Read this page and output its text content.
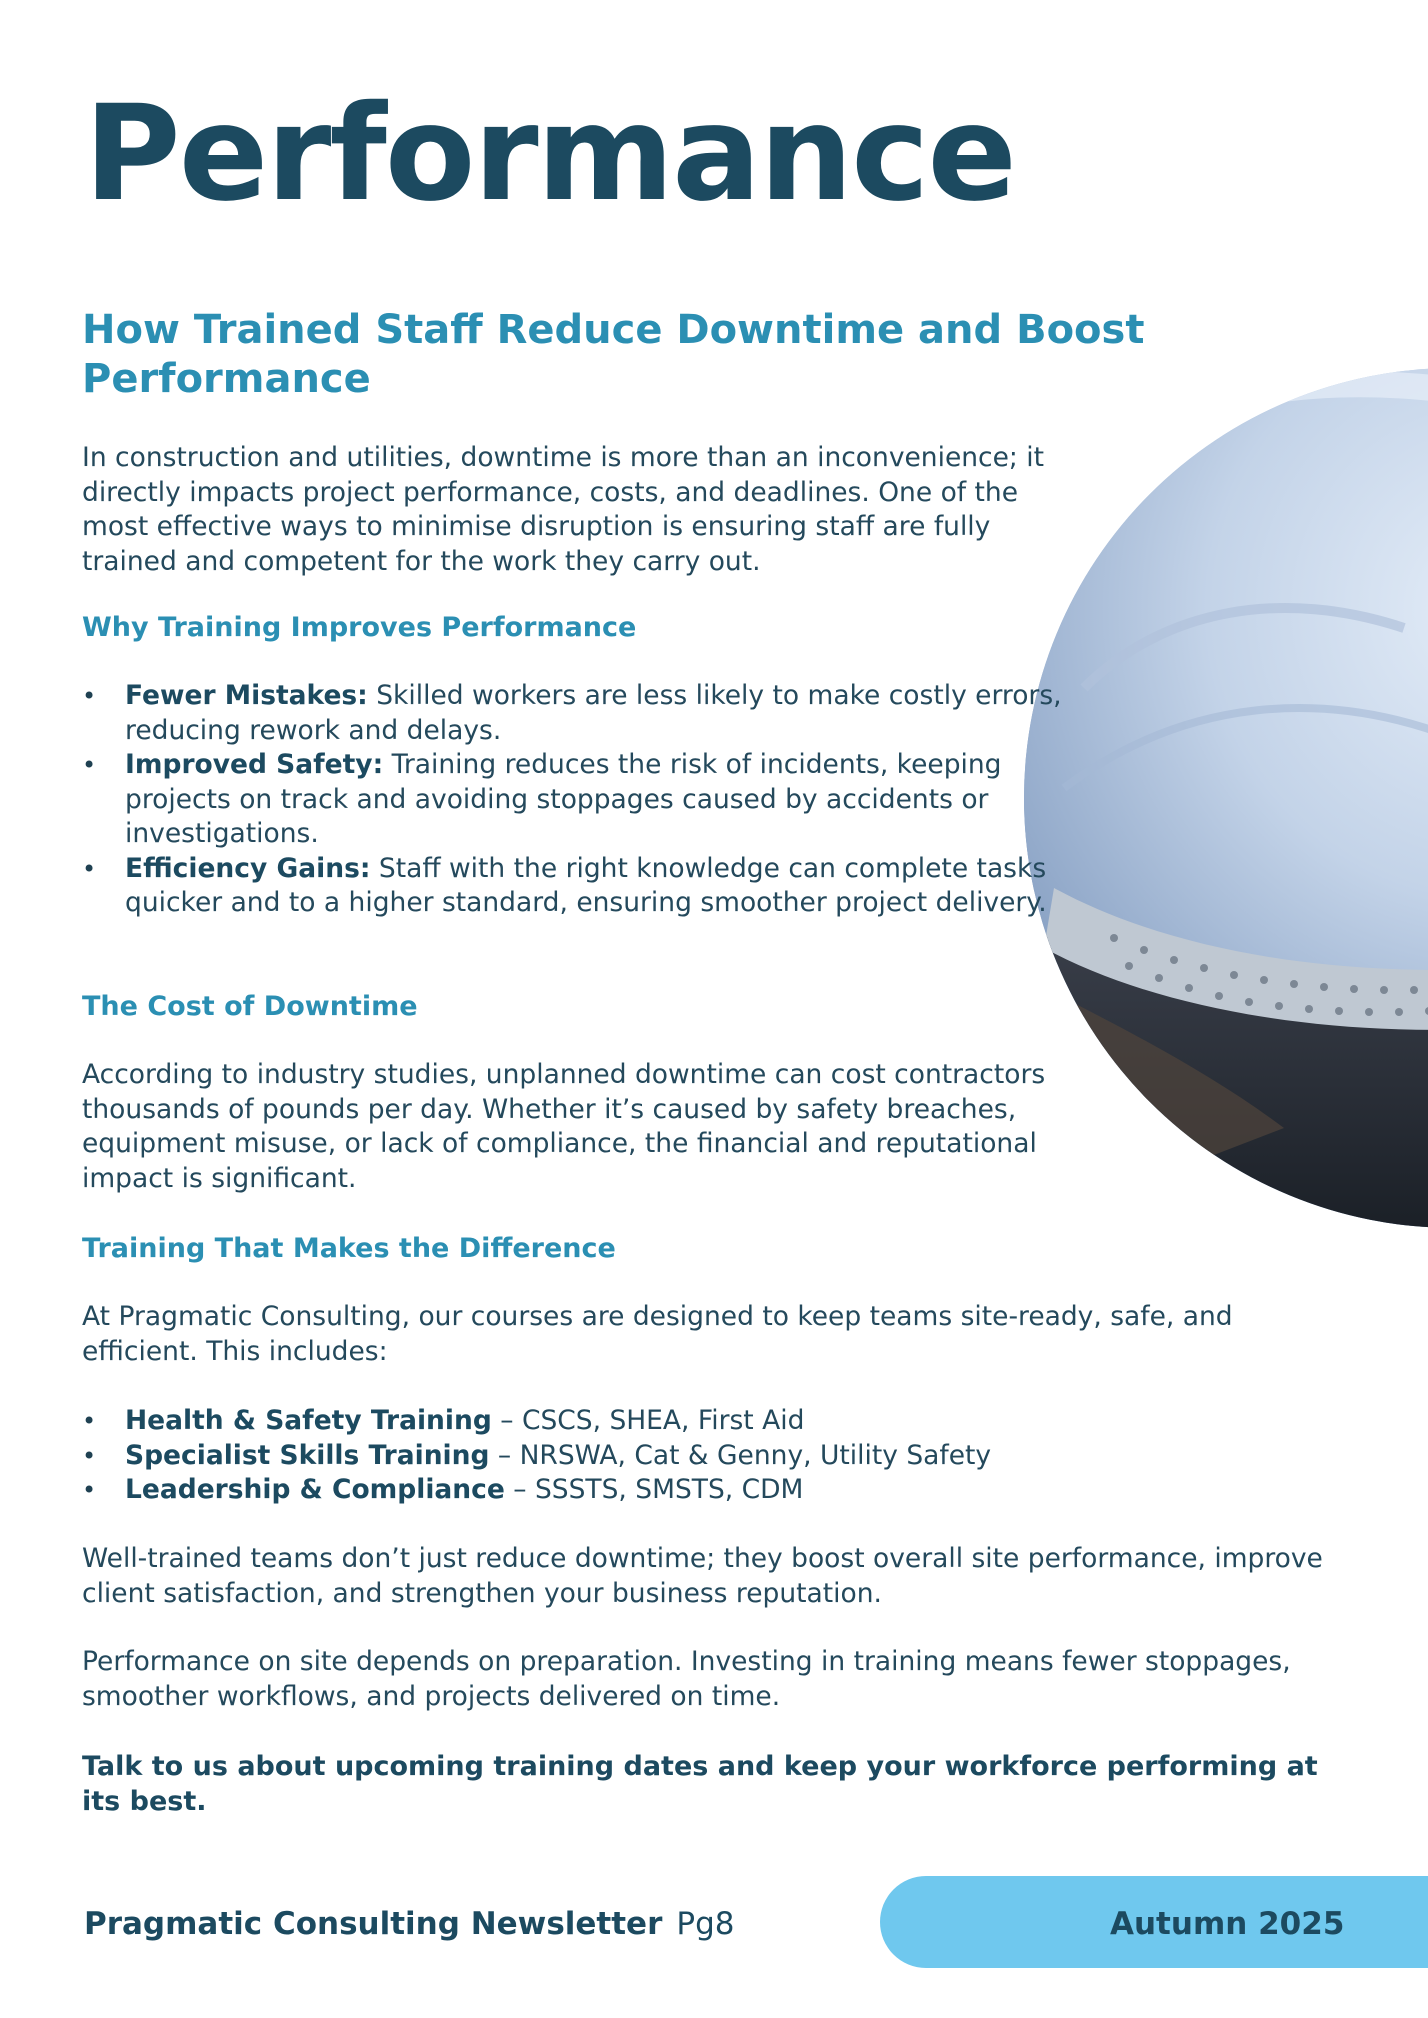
Performance
How Trained Staff Reduce Downtime and Boost Performance

In construction and utilities, downtime is more than an inconvenience; it directly impacts project performance, costs, and deadlines. One of the most effective ways to minimise disruption is ensuring staff are fully trained and competent for the work they carry out.

Why Training Improves Performance
• Fewer Mistakes: Skilled workers are less likely to make costly errors, reducing rework and delays.
• Improved Safety: Training reduces the risk of incidents, keeping projects on track and avoiding stoppages caused by accidents or investigations.
• Efficiency Gains: Staff with the right knowledge can complete tasks quicker and to a higher standard, ensuring smoother project delivery.
The Cost of Downtime

According to industry studies, unplanned downtime can cost contractors thousands of pounds per day. Whether it’s caused by safety breaches, equipment misuse, or lack of compliance, the financial and reputational impact is significant.

Training That Makes the Difference

At Pragmatic Consulting, our courses are designed to keep teams site-ready, safe, and efficient. This includes:

• Health & Safety Training – CSCS, SHEA, First Aid
• Specialist Skills Training – NRSWA, Cat & Genny, Utility Safety
• Leadership & Compliance – SSSTS, SMSTS, CDM

Well-trained teams don’t just reduce downtime; they boost overall site performance, improve client satisfaction, and strengthen your business reputation.

Performance on site depends on preparation. Investing in training means fewer stoppages, smoother workflows, and projects delivered on time.

Talk to us about upcoming training dates and keep your workforce performing at its best.

Pragmatic Consulting Newsletter Pg8	Autumn 2025
